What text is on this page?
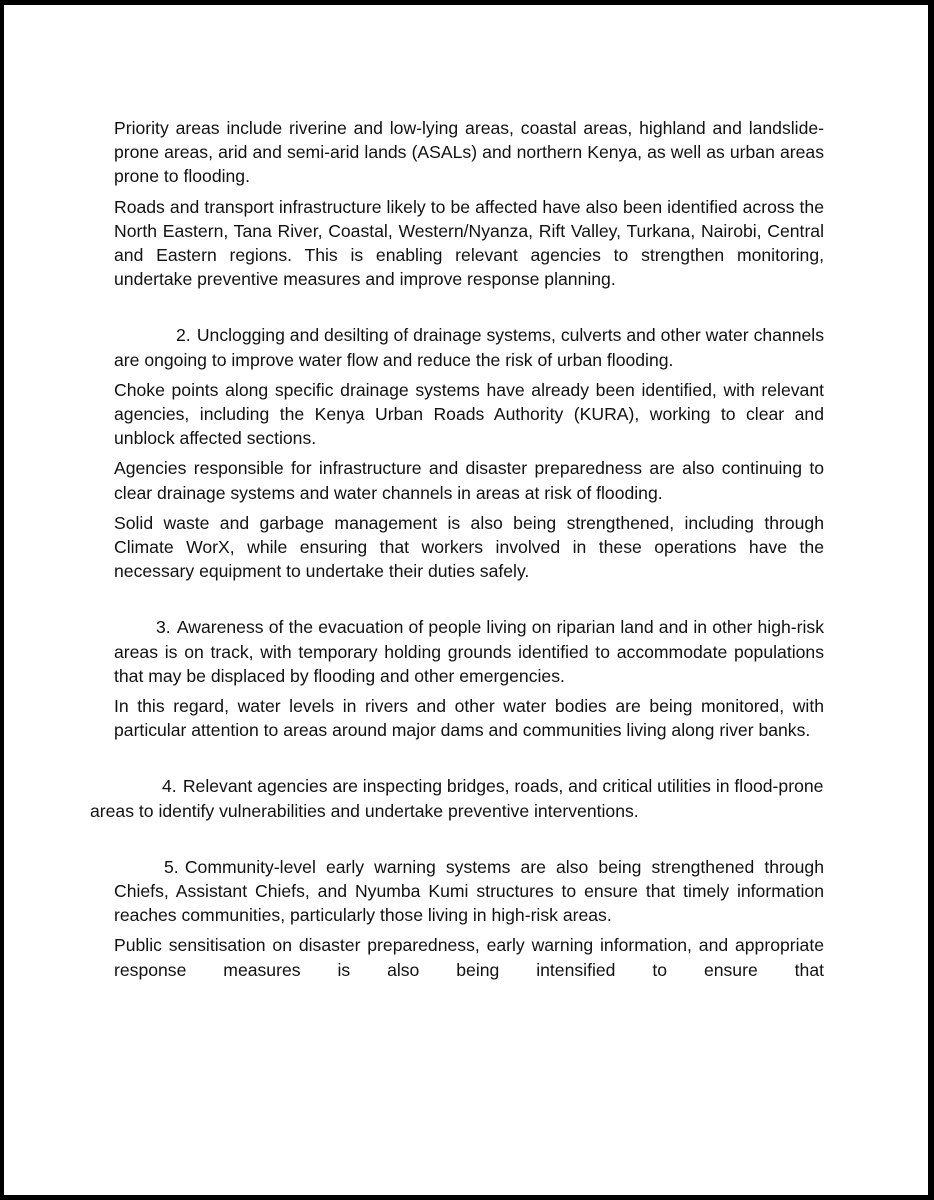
Priority areas include riverine and low-lying areas, coastal areas, highland and landslide-prone areas, arid and semi-arid lands (ASALs) and northern Kenya, as well as urban areas prone to flooding.

Roads and transport infrastructure likely to be affected have also been identified across the North Eastern, Tana River, Coastal, Western/Nyanza, Rift Valley, Turkana, Nairobi, Central and Eastern regions. This is enabling relevant agencies to strengthen monitoring, undertake preventive measures and improve response planning.

2. Unclogging and desilting of drainage systems, culverts and other water channels are ongoing to improve water flow and reduce the risk of urban flooding.

Choke points along specific drainage systems have already been identified, with relevant agencies, including the Kenya Urban Roads Authority (KURA), working to clear and unblock affected sections.

Agencies responsible for infrastructure and disaster preparedness are also continuing to clear drainage systems and water channels in areas at risk of flooding.

Solid waste and garbage management is also being strengthened, including through Climate WorX, while ensuring that workers involved in these operations have the necessary equipment to undertake their duties safely.

3. Awareness of the evacuation of people living on riparian land and in other high-risk areas is on track, with temporary holding grounds identified to accommodate populations that may be displaced by flooding and other emergencies.

In this regard, water levels in rivers and other water bodies are being monitored, with particular attention to areas around major dams and communities living along river banks.

4. Relevant agencies are inspecting bridges, roads, and critical utilities in flood-prone areas to identify vulnerabilities and undertake preventive interventions.

5. Community-level early warning systems are also being strengthened through Chiefs, Assistant Chiefs, and Nyumba Kumi structures to ensure that timely information reaches communities, particularly those living in high-risk areas.

Public sensitisation on disaster preparedness, early warning information, and appropriate response measures is also being intensified to ensure that
